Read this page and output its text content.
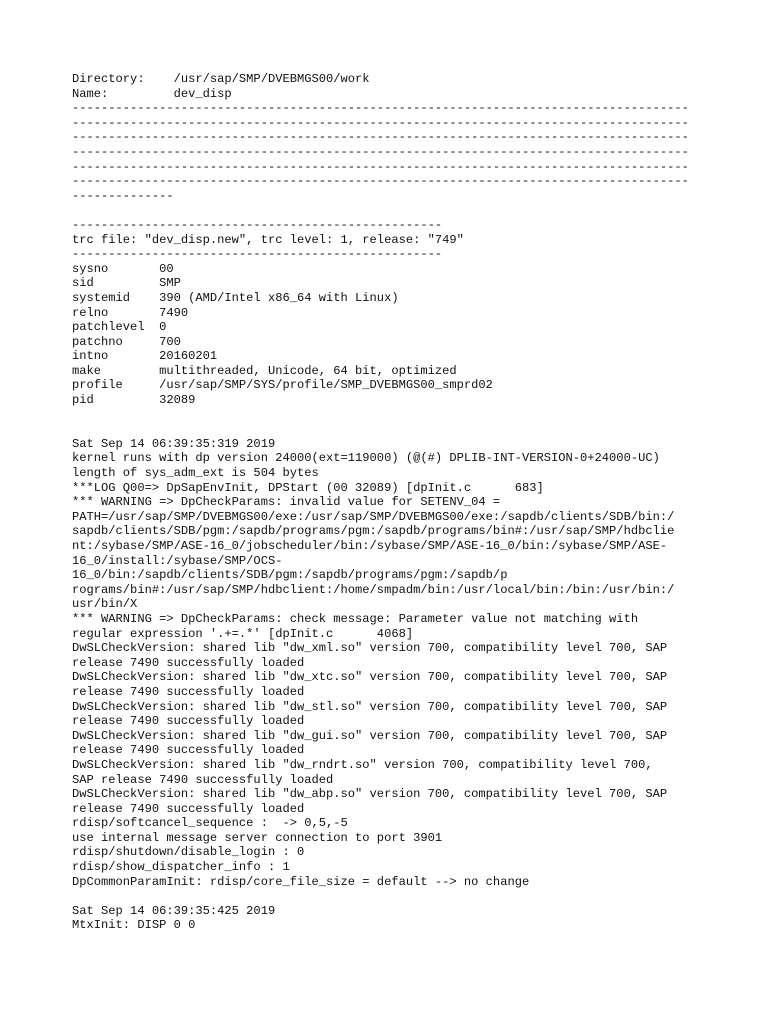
Directory:    /usr/sap/SMP/DVEBMGS00/work
Name:         dev_disp
-------------------------------------------------------------------------------------
-------------------------------------------------------------------------------------
-------------------------------------------------------------------------------------
-------------------------------------------------------------------------------------
-------------------------------------------------------------------------------------
-------------------------------------------------------------------------------------
--------------
---------------------------------------------------
trc file: "dev_disp.new", trc level: 1, release: "749"
---------------------------------------------------
sysno       00
sid         SMP
systemid    390 (AMD/Intel x86_64 with Linux)
relno       7490
patchlevel  0
patchno     700
intno       20160201
make        multithreaded, Unicode, 64 bit, optimized
profile     /usr/sap/SMP/SYS/profile/SMP_DVEBMGS00_smprd02
pid         32089
Sat Sep 14 06:39:35:319 2019
kernel runs with dp version 24000(ext=119000) (@(#) DPLIB-INT-VERSION-0+24000-UC)
length of sys_adm_ext is 504 bytes
***LOG Q00=> DpSapEnvInit, DPStart (00 32089) [dpInit.c      683]
*** WARNING => DpCheckParams: invalid value for SETENV_04 =
PATH=/usr/sap/SMP/DVEBMGS00/exe:/usr/sap/SMP/DVEBMGS00/exe:/sapdb/clients/SDB/bin:/
sapdb/clients/SDB/pgm:/sapdb/programs/pgm:/sapdb/programs/bin#:/usr/sap/SMP/hdbclie
nt:/sybase/SMP/ASE-16_0/jobscheduler/bin:/sybase/SMP/ASE-16_0/bin:/sybase/SMP/ASE-
16_0/install:/sybase/SMP/OCS-
16_0/bin:/sapdb/clients/SDB/pgm:/sapdb/programs/pgm:/sapdb/p
rograms/bin#:/usr/sap/SMP/hdbclient:/home/smpadm/bin:/usr/local/bin:/bin:/usr/bin:/
usr/bin/X
*** WARNING => DpCheckParams: check message: Parameter value not matching with
regular expression '.+=.*' [dpInit.c      4068]
DwSLCheckVersion: shared lib "dw_xml.so" version 700, compatibility level 700, SAP
release 7490 successfully loaded
DwSLCheckVersion: shared lib "dw_xtc.so" version 700, compatibility level 700, SAP
release 7490 successfully loaded
DwSLCheckVersion: shared lib "dw_stl.so" version 700, compatibility level 700, SAP
release 7490 successfully loaded
DwSLCheckVersion: shared lib "dw_gui.so" version 700, compatibility level 700, SAP
release 7490 successfully loaded
DwSLCheckVersion: shared lib "dw_rndrt.so" version 700, compatibility level 700,
SAP release 7490 successfully loaded
DwSLCheckVersion: shared lib "dw_abp.so" version 700, compatibility level 700, SAP
release 7490 successfully loaded
rdisp/softcancel_sequence :  -> 0,5,-5
use internal message server connection to port 3901
rdisp/shutdown/disable_login : 0
rdisp/show_dispatcher_info : 1
DpCommonParamInit: rdisp/core_file_size = default --> no change
Sat Sep 14 06:39:35:425 2019
MtxInit: DISP 0 0
